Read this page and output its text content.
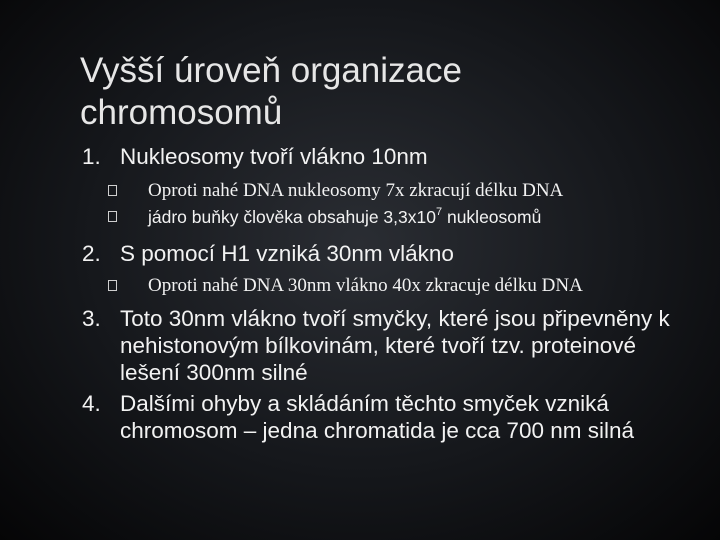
Vyšší úroveň organizace
chromosomů

1. Nukleosomy tvoří vlákno 10nm

Oproti nahé DNA nukleosomy 7x zkracují délku DNA

jádro buňky člověka obsahuje $3,3x10^7$ nukleosomů

2. S pomocí H1 vzniká 30nm vlákno

Oproti nahé DNA 30nm vlákno 40x zkracuje délku DNA

3. Toto 30nm vlákno tvoří smyčky, které jsou připevněny k nehistonovým bílkovinám, které tvoří tzv. proteinové lešení 300nm silné

4. Dalšími ohyby a skládáním těchto smyček vzniká chromosom – jedna chromatida je cca 700 nm silná
